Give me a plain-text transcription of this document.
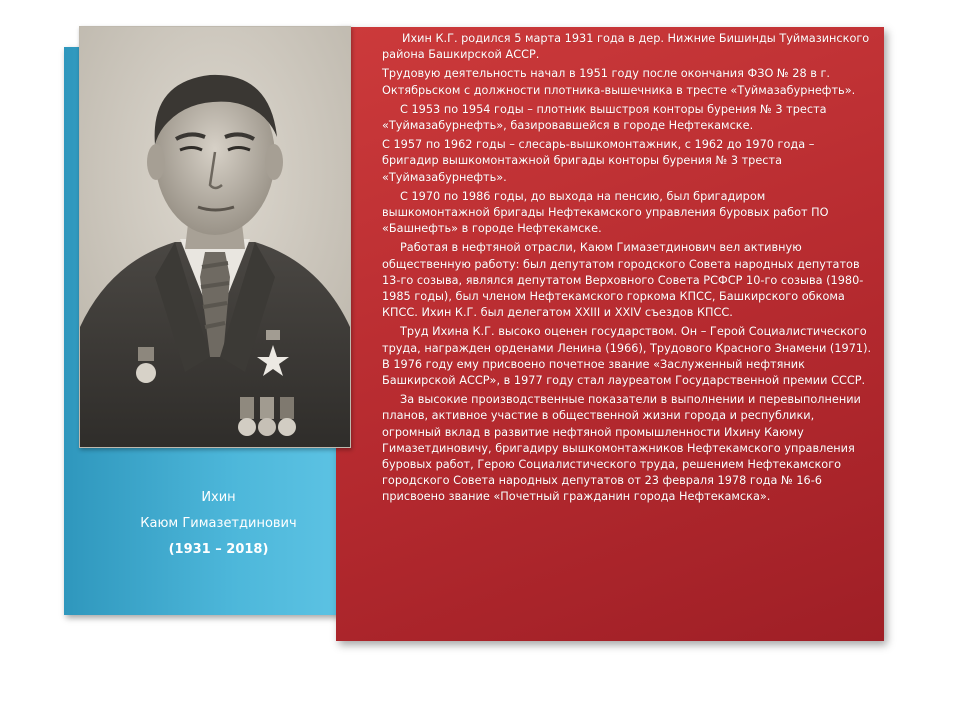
Ихин
Каюм Гимазетдинович
(1931 – 2018)

Ихин К.Г. родился 5 марта 1931 года в дер. Нижние Бишинды Туймазинского района Башкирской АССР.

Трудовую деятельность начал в 1951 году после окончания ФЗО № 28 в г. Октябрьском с должности плотника-вышечника в тресте «Туймазабурнефть».

С 1953 по 1954 годы – плотник вышстроя конторы бурения № 3 треста «Туймазабурнефть», базировавшейся в городе Нефтекамске.

С 1957 по 1962 годы – слесарь-вышкомонтажник, с 1962 до 1970 года – бригадир вышкомонтажной бригады конторы бурения № 3 треста «Туймазабурнефть».

С 1970 по 1986 годы, до выхода на пенсию, был бригадиром вышкомонтажной бригады Нефтекамского управления буровых работ ПО «Башнефть» в городе Нефтекамске.

Работая в нефтяной отрасли, Каюм Гимазетдинович вел активную общественную работу: был депутатом городского Совета народных депутатов 13-го созыва, являлся депутатом Верховного Совета РСФСР 10-го созыва (1980-1985 годы), был членом Нефтекамского горкома КПСС, Башкирского обкома КПСС. Ихин К.Г. был делегатом XXIII и XXIV съездов КПСС.

Труд Ихина К.Г. высоко оценен государством. Он – Герой Социалистического труда, награжден орденами Ленина (1966), Трудового Красного Знамени (1971). В 1976 году ему присвоено почетное звание «Заслуженный нефтяник Башкирской АССР», в 1977 году стал лауреатом Государственной премии СССР.

За высокие производственные показатели в выполнении и перевыполнении планов, активное участие в общественной жизни города и республики, огромный вклад в развитие нефтяной промышленности Ихину Каюму Гимазетдиновичу, бригадиру вышкомонтажников Нефтекамского управления буровых работ, Герою Социалистического труда, решением Нефтекамского городского Совета народных депутатов от 23 февраля 1978 года № 16-6 присвоено звание «Почетный гражданин города Нефтекамска».
